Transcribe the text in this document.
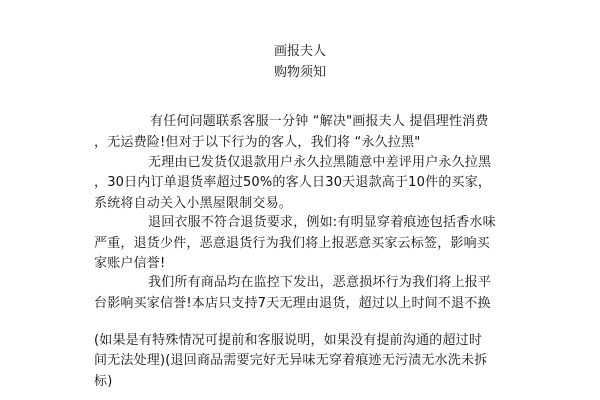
画报夫人
购物须知
有任何问题联系客服一分钟 “解决"画报夫人 提倡理性消费
，无运费险!但对于以下行为的客人，我们将 “永久拉黑"
无理由已发货仅退款用户永久拉黑随意中差评用户永久拉黑
，30日内订单退货率超过50%的客人日30天退款高于10件的买家，
系统将自动关入小黑屋限制交易。
退回衣服不符合退货要求，例如:有明显穿着痕迹包括香水味
严重，退货少件，恶意退货行为我们将上报恶意买家云标签，影响买
家账户信誉!
我们所有商品均在监控下发出，恶意损坏行为我们将上报平
台影响买家信誉!本店只支持7天无理由退货，超过以上时间不退不换
(如果是有特殊情况可提前和客服说明，如果没有提前沟通的超过时
间无法处理)(退回商品需要完好无异味无穿着痕迹无污渍无水洗未拆
标)
